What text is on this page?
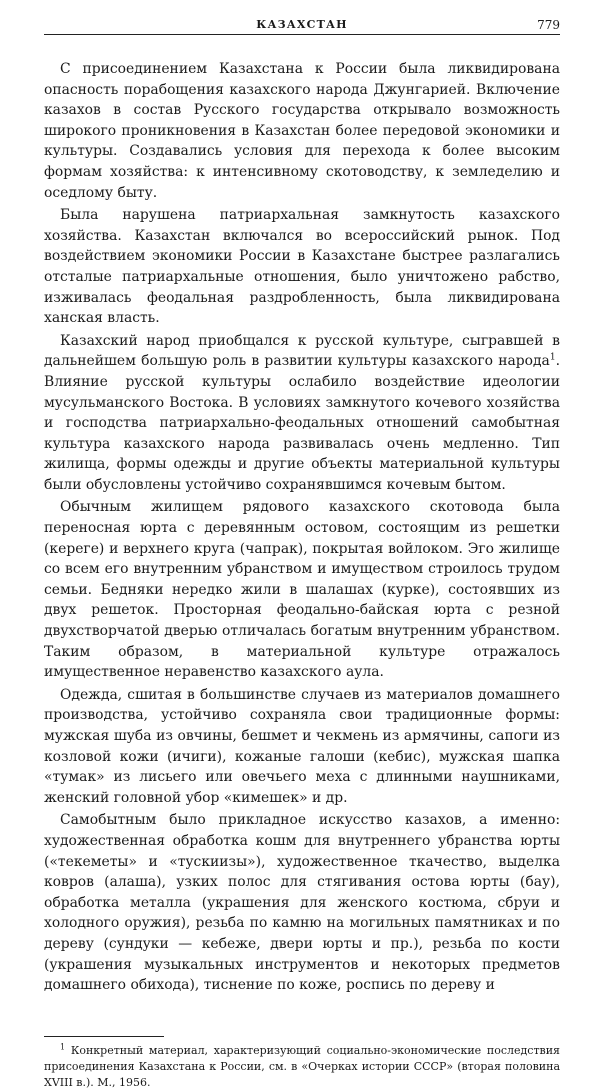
КАЗАХСТАН	779

С присоединением Казахстана к России была ликвидирована опасность порабощения казахского народа Джунгарией. Включение казахов в состав Русского государства открывало возможность широкого проникновения в Казахстан более передовой экономики и культуры. Создавались условия для перехода к более высоким формам хозяйства: к интенсивному скотоводству, к земледелию и оседлому быту.

Была нарушена патриархальная замкнутость казахского хозяйства. Казахстан включался во всероссийский рынок. Под воздействием экономики России в Казахстане быстрее разлагались отсталые патриархальные отношения, было уничтожено рабство, изживалась феодальная раздробленность, была ликвидирована ханская власть.

Казахский народ приобщался к русской культуре, сыгравшей в дальнейшем большую роль в развитии культуры казахского народа$^1$. Влияние русской культуры ослабило воздействие идеологии мусульманского Востока. В условиях замкнутого кочевого хозяйства и господства патриархально-феодальных отношений самобытная культура казахского народа развивалась очень медленно. Тип жилища, формы одежды и другие объекты материальной культуры были обусловлены устойчиво сохранявшимся кочевым бытом.

Обычным жилищем рядового казахского скотовода была переносная юрта с деревянным остовом, состоящим из решетки (кереге) и верхнего круга (чапрак), покрытая войлоком. Эго жилище со всем его внутренним убранством и имуществом строилось трудом семьи. Бедняки нередко жили в шалашах (курке), состоявших из двух решеток. Просторная феодально-байская юрта с резной двухстворчатой дверью отличалась богатым внутренним убранством. Таким образом, в материальной культуре отражалось имущественное неравенство казахского аула.

Одежда, сшитая в большинстве случаев из материалов домашнего производства, устойчиво сохраняла свои традиционные формы: мужская шуба из овчины, бешмет и чекмень из армячины, сапоги из козловой кожи (ичиги), кожаные галоши (кебис), мужская шапка «тумак» из лисьего или овечьего меха с длинными наушниками, женский головной убор «кимешек» и др.

Самобытным было прикладное искусство казахов, а именно: художественная обработка кошм для внутреннего убранства юрты («текеметы» и «тускиизы»), художественное ткачество, выделка ковров (алаша), узких полос для стягивания остова юрты (бау), обработка металла (украшения для женского костюма, сбруи и холодного оружия), резьба по камню на могильных памятниках и по дереву (сундуки — кебеже, двери юрты и пр.), резьба по кости (украшения музыкальных инструментов и некоторых предметов домашнего обихода), тиснение по коже, роспись по дереву и

$^1$ Конкретный материал, характеризующий социально-экономические последствия присоединения Казахстана к России, см. в «Очерках истории СССР» (вторая половина XVIII в.). М., 1956.
